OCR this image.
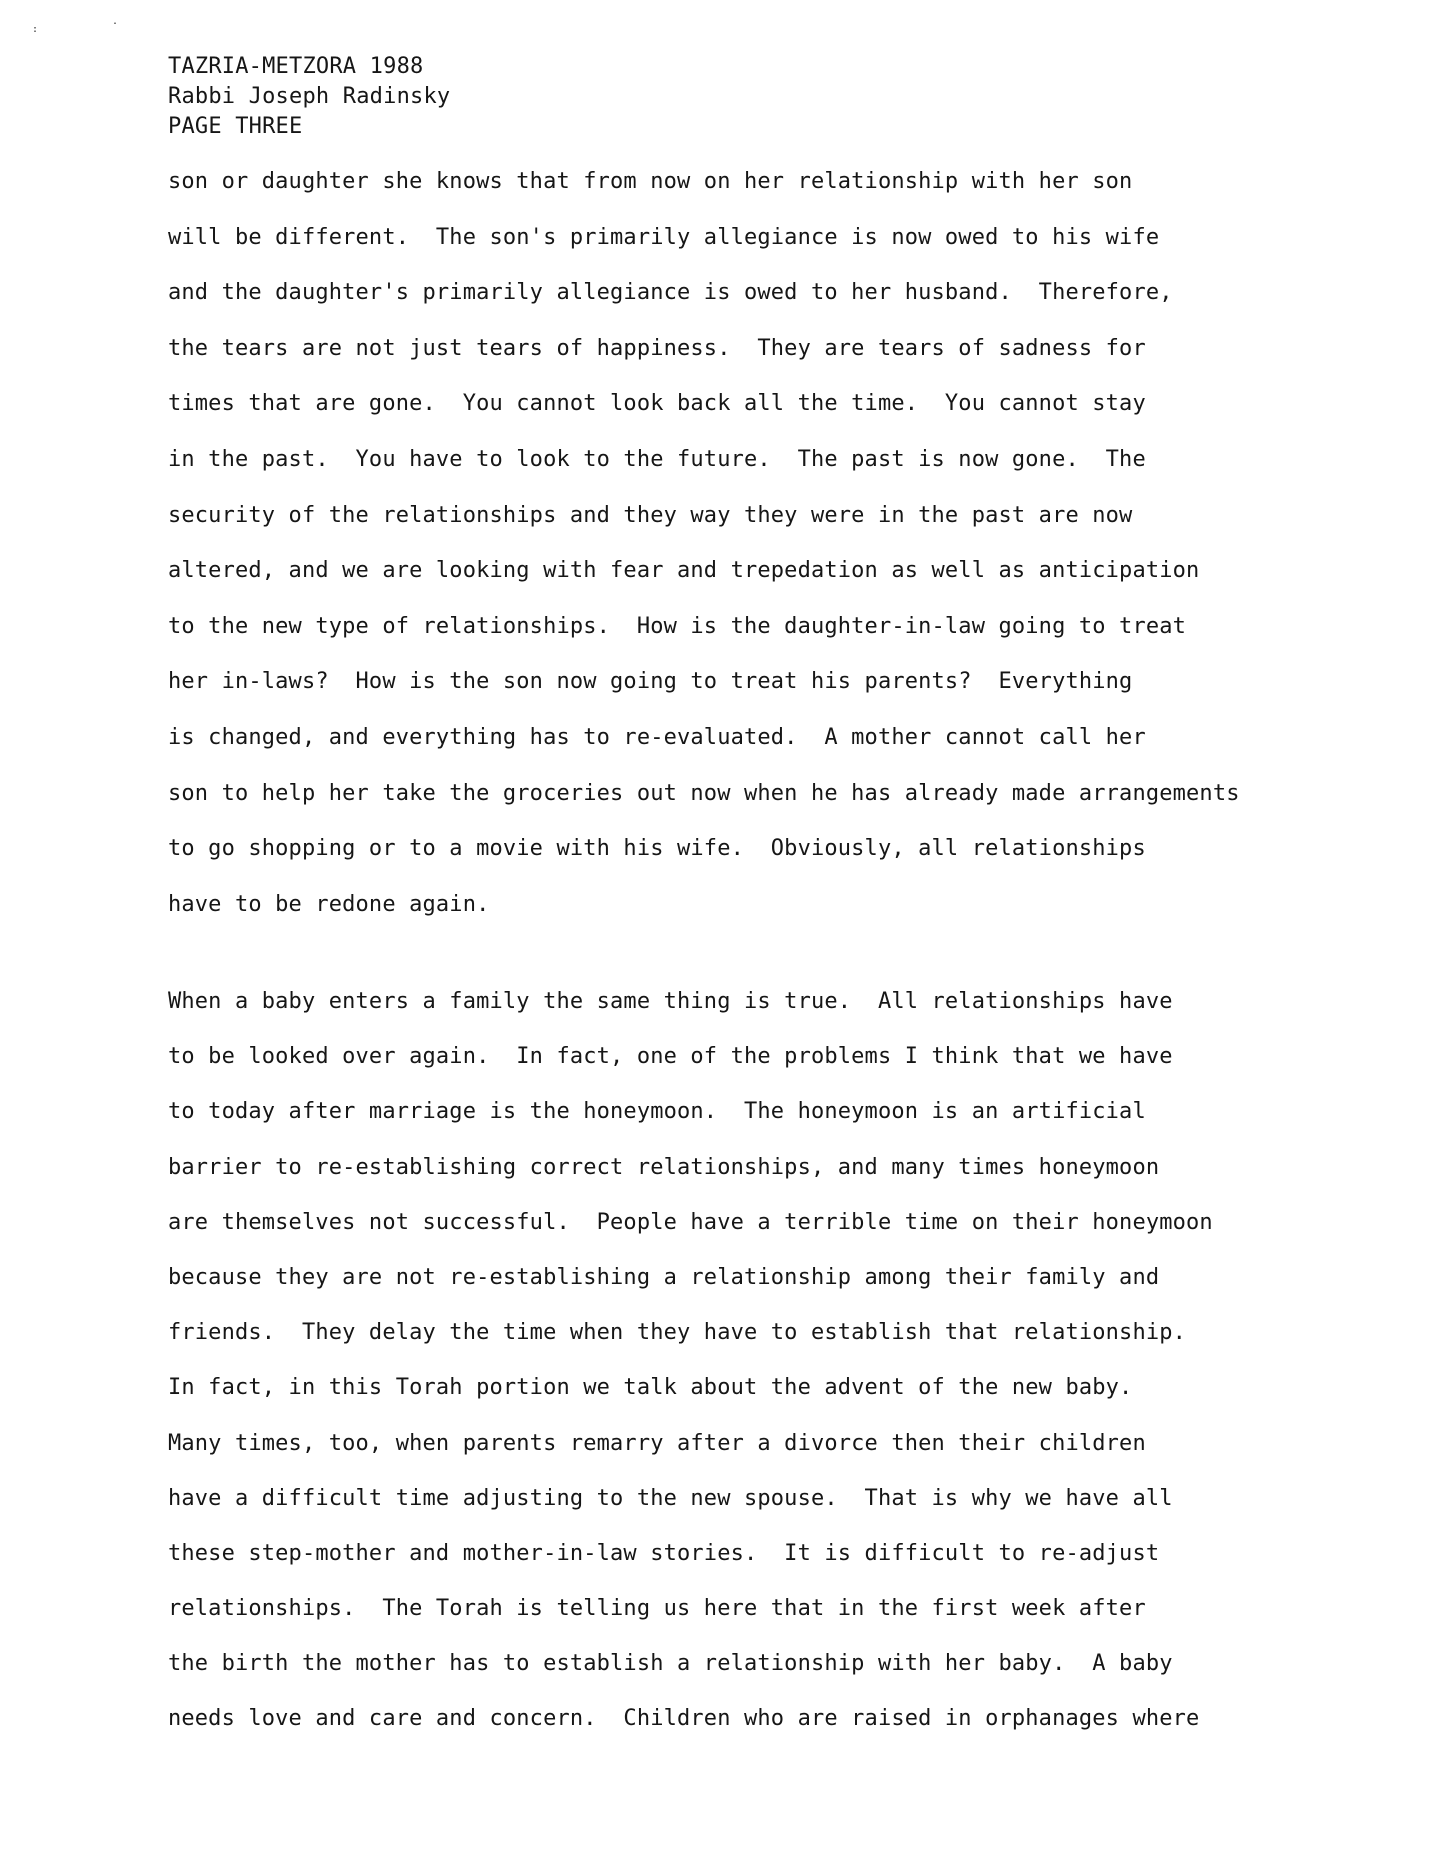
:
.
TAZRIA-METZORA 1988
Rabbi Joseph Radinsky
PAGE THREE
son or daughter she knows that from now on her relationship with her son
will be different.  The son's primarily allegiance is now owed to his wife
and the daughter's primarily allegiance is owed to her husband.  Therefore,
the tears are not just tears of happiness.  They are tears of sadness for
times that are gone.  You cannot look back all the time.  You cannot stay
in the past.  You have to look to the future.  The past is now gone.  The
security of the relationships and they way they were in the past are now
altered, and we are looking with fear and trepedation as well as anticipation
to the new type of relationships.  How is the daughter-in-law going to treat
her in-laws?  How is the son now going to treat his parents?  Everything
is changed, and everything has to re-evaluated.  A mother cannot call her
son to help her take the groceries out now when he has already made arrangements
to go shopping or to a movie with his wife.  Obviously, all relationships
have to be redone again.
When a baby enters a family the same thing is true.  All relationships have
to be looked over again.  In fact, one of the problems I think that we have
to today after marriage is the honeymoon.  The honeymoon is an artificial
barrier to re-establishing correct relationships, and many times honeymoon
are themselves not successful.  People have a terrible time on their honeymoon
because they are not re-establishing a relationship among their family and
friends.  They delay the time when they have to establish that relationship.
In fact, in this Torah portion we talk about the advent of the new baby.
Many times, too, when parents remarry after a divorce then their children
have a difficult time adjusting to the new spouse.  That is why we have all
these step-mother and mother-in-law stories.  It is difficult to re-adjust
relationships.  The Torah is telling us here that in the first week after
the birth the mother has to establish a relationship with her baby.  A baby
needs love and care and concern.  Children who are raised in orphanages where
